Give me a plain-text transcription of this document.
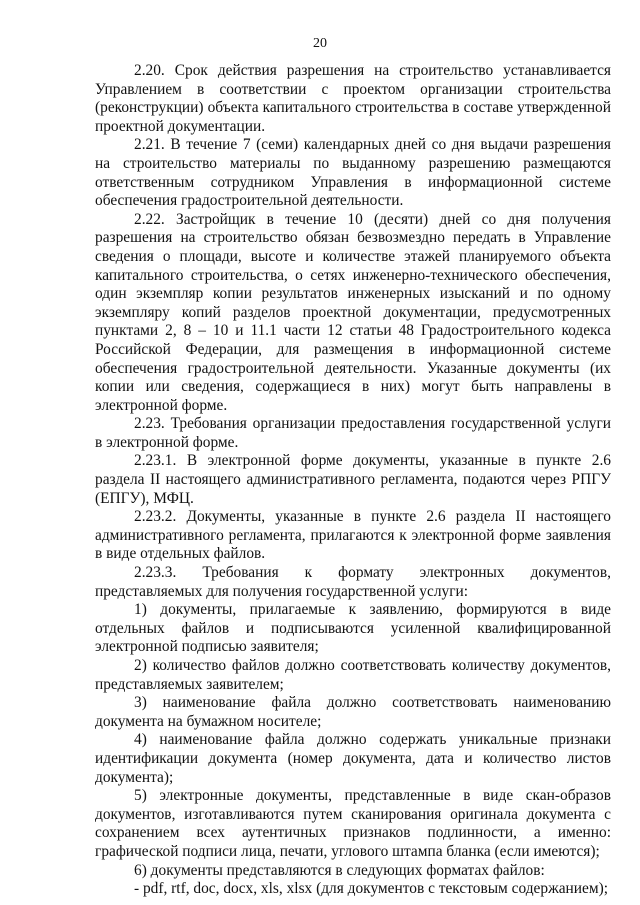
20

2.20. Срок действия разрешения на строительство устанавливается Управлением в соответствии с проектом организации строительства (реконструкции) объекта капитального строительства в составе утвержденной проектной документации.

2.21. В течение 7 (семи) календарных дней со дня выдачи разрешения на строительство материалы по выданному разрешению размещаются ответственным сотрудником Управления в информационной системе обеспечения градостроительной деятельности.

2.22. Застройщик в течение 10 (десяти) дней со дня получения разрешения на строительство обязан безвозмездно передать в Управление сведения о площади, высоте и количестве этажей планируемого объекта капитального строительства, о сетях инженерно-технического обеспечения, один экземпляр копии результатов инженерных изысканий и по одному экземпляру копий разделов проектной документации, предусмотренных пунктами 2, 8 – 10 и 11.1 части 12 статьи 48 Градостроительного кодекса Российской Федерации, для размещения в информационной системе обеспечения градостроительной деятельности. Указанные документы (их копии или сведения, содержащиеся в них) могут быть направлены в электронной форме.

2.23. Требования организации предоставления государственной услуги в электронной форме.

2.23.1. В электронной форме документы, указанные в пункте 2.6 раздела II настоящего административного регламента, подаются через РПГУ (ЕПГУ), МФЦ.

2.23.2. Документы, указанные в пункте 2.6 раздела II настоящего административного регламента, прилагаются к электронной форме заявления в виде отдельных файлов.

2.23.3. Требования к формату электронных документов, представляемых для получения государственной услуги:

1) документы, прилагаемые к заявлению, формируются в виде отдельных файлов и подписываются усиленной квалифицированной электронной подписью заявителя;

2) количество файлов должно соответствовать количеству документов, представляемых заявителем;

3) наименование файла должно соответствовать наименованию документа на бумажном носителе;

4) наименование файла должно содержать уникальные признаки идентификации документа (номер документа, дата и количество листов документа);

5) электронные документы, представленные в виде скан-образов документов, изготавливаются путем сканирования оригинала документа с сохранением всех аутентичных признаков подлинности, а именно: графической подписи лица, печати, углового штампа бланка (если имеются);

6) документы представляются в следующих форматах файлов:

- pdf, rtf, doc, docx, xls, xlsx (для документов с текстовым содержанием);
